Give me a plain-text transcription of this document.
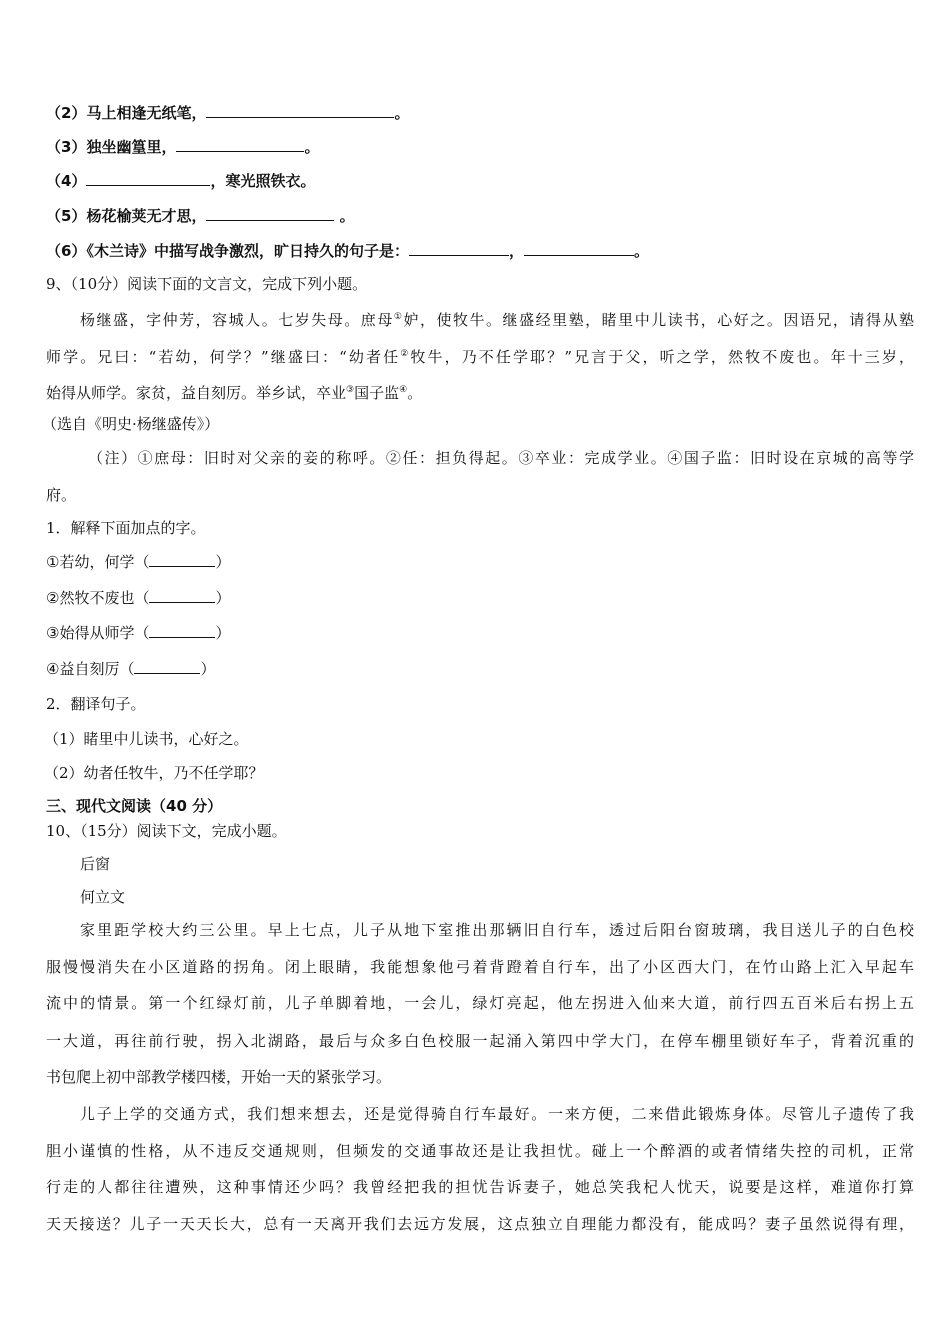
（2）马上相逢无纸笔，	。
（3）独坐幽篁里，	。
（4）	，寒光照铁衣。
（5）杨花榆荚无才思，	。
（6）《木兰诗》中描写战争激烈，旷日持久的句子是：	，	。
9、（10分）阅读下面的文言文，完成下列小题。
杨继盛，字仲芳，容城人。七岁失母。庶母①妒，使牧牛。继盛经里塾，睹里中儿读书，心好之。因语兄，请得从塾
师学。兄曰：“若幼，何学？”继盛曰：“幼者任②牧牛，乃不任学耶？”兄言于父，听之学，然牧不废也。年十三岁，
始得从师学。家贫，益自刻厉。举乡试，卒业③国子监④。
（选自《明史·杨继盛传》）
（注）①庶母：旧时对父亲的妾的称呼。②任：担负得起。③卒业：完成学业。④国子监：旧时设在京城的高等学
府。
1．解释下面加点的字。
①若幼，何学（	）
②然牧不废也（	）
③始得从师学（	）
④益自刻厉（	）
2．翻译句子。
（1）睹里中儿读书，心好之。
（2）幼者任牧牛，乃不任学耶？
三、现代文阅读（40 分）
10、（15分）阅读下文，完成小题。
后窗
何立文
家里距学校大约三公里。早上七点，儿子从地下室推出那辆旧自行车，透过后阳台窗玻璃，我目送儿子的白色校
服慢慢消失在小区道路的拐角。闭上眼睛，我能想象他弓着背蹬着自行车，出了小区西大门，在竹山路上汇入早起车
流中的情景。第一个红绿灯前，儿子单脚着地，一会儿，绿灯亮起，他左拐进入仙来大道，前行四五百米后右拐上五
一大道，再往前行驶，拐入北湖路，最后与众多白色校服一起涌入第四中学大门，在停车棚里锁好车子，背着沉重的
书包爬上初中部教学楼四楼，开始一天的紧张学习。
儿子上学的交通方式，我们想来想去，还是觉得骑自行车最好。一来方便，二来借此锻炼身体。尽管儿子遗传了我
胆小谨慎的性格，从不违反交通规则，但频发的交通事故还是让我担忧。碰上一个醉酒的或者情绪失控的司机，正常
行走的人都往往遭殃，这种事情还少吗？我曾经把我的担忧告诉妻子，她总笑我杞人忧天，说要是这样，难道你打算
天天接送？儿子一天天长大，总有一天离开我们去远方发展，这点独立自理能力都没有，能成吗？妻子虽然说得有理，
